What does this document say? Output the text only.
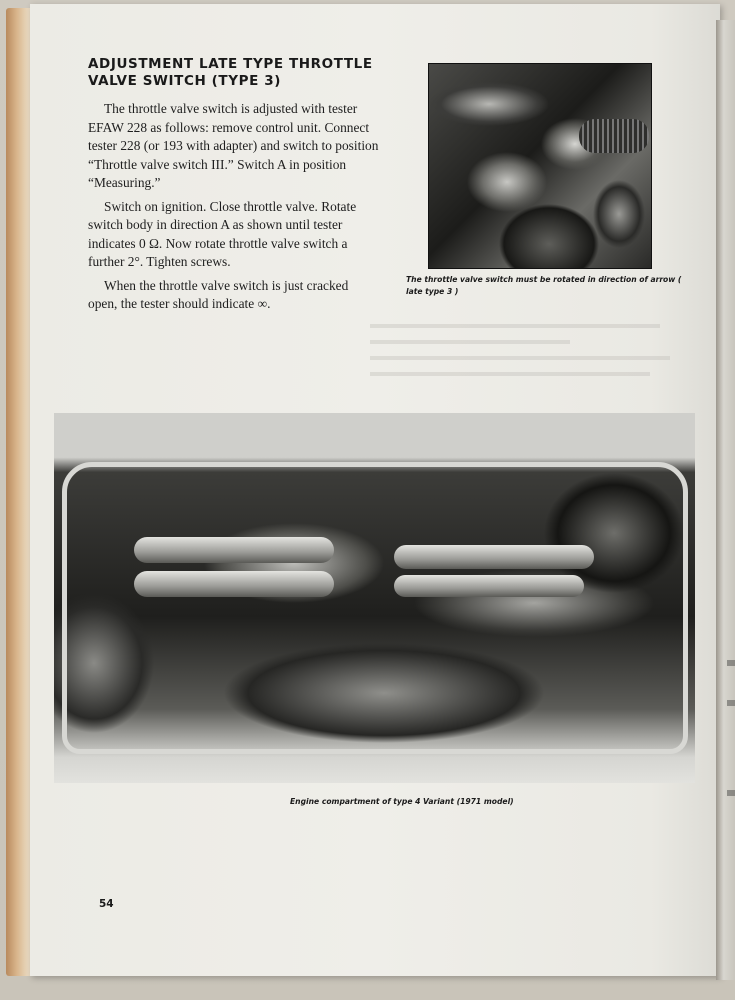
ADJUSTMENT LATE TYPE THROTTLE
VALVE SWITCH (TYPE 3)

The throttle valve switch is adjusted with tester EFAW 228 as follows: remove control unit. Connect tester 228 (or 193 with adapter) and switch to position “Throttle valve switch III.” Switch A in position “Measuring.”

Switch on ignition. Close throttle valve. Rotate switch body in direction A as shown until tester indicates 0 Ω. Now rotate throttle valve switch a further 2°. Tighten screws.

When the throttle valve switch is just cracked open, the tester should indicate ∞.

The throttle valve switch must be rotated in direction of arrow ( late type 3 )

Engine compartment of type 4 Variant (1971 model)

54
